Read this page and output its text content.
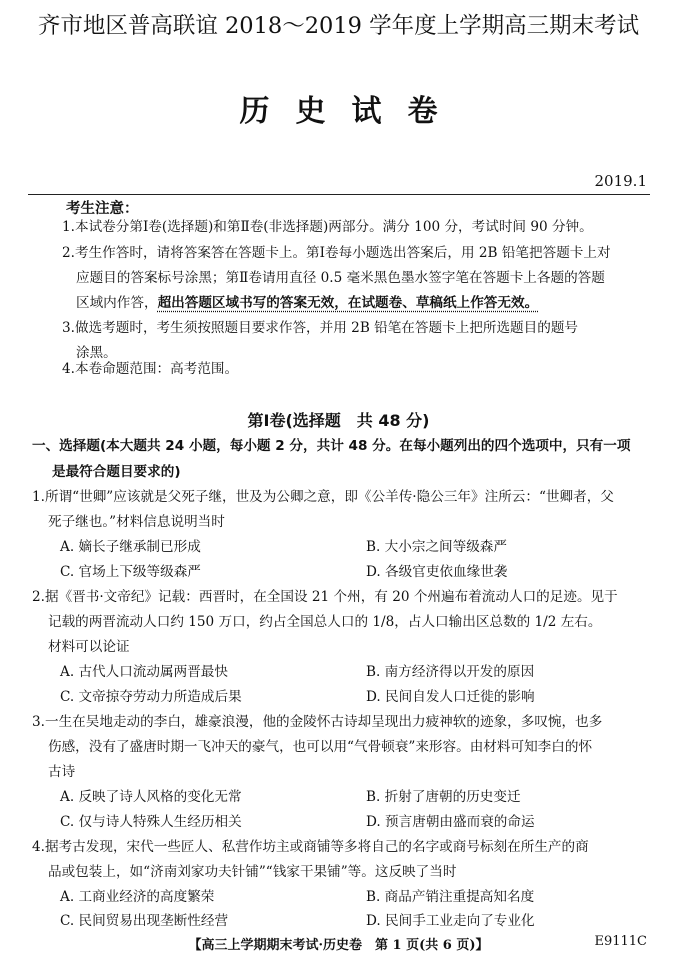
齐市地区普高联谊 2018～2019 学年度上学期高三期末考试
历史试卷
2019.1
考生注意：
1.本试卷分第Ⅰ卷(选择题)和第Ⅱ卷(非选择题)两部分。满分 100 分，考试时间 90 分钟。
2.考生作答时，请将答案答在答题卡上。第Ⅰ卷每小题选出答案后，用 2B 铅笔把答题卡上对
应题目的答案标号涂黑；第Ⅱ卷请用直径 0.5 毫米黑色墨水签字笔在答题卡上各题的答题
区域内作答，超出答题区域书写的答案无效，在试题卷、草稿纸上作答无效。
3.做选考题时，考生须按照题目要求作答，并用 2B 铅笔在答题卡上把所选题目的题号
涂黑。
4.本卷命题范围：高考范围。
第Ⅰ卷(选择题　共 48 分)
一、选择题(本大题共 24 小题，每小题 2 分，共计 48 分。在每小题列出的四个选项中，只有一项
是最符合题目要求的)
1.所谓“世卿”应该就是父死子继，世及为公卿之意，即《公羊传·隐公三年》注所云：“世卿者，父
死子继也。”材料信息说明当时
A. 嫡长子继承制已形成	B. 大小宗之间等级森严
C. 官场上下级等级森严	D. 各级官吏依血缘世袭
2.据《晋书·文帝纪》记载：西晋时，在全国设 21 个州，有 20 个州遍布着流动人口的足迹。见于
记载的两晋流动人口约 150 万口，约占全国总人口的 1/8，占人口输出区总数的 1/2 左右。
材料可以论证
A. 古代人口流动属两晋最快	B. 南方经济得以开发的原因
C. 文帝掠夺劳动力所造成后果	D. 民间自发人口迁徙的影响
3.一生在吴地走动的李白，雄豪浪漫，他的金陵怀古诗却呈现出力疲神软的迹象，多叹惋，也多
伤感，没有了盛唐时期一飞冲天的豪气，也可以用“气骨顿衰”来形容。由材料可知李白的怀
古诗
A. 反映了诗人风格的变化无常	B. 折射了唐朝的历史变迁
C. 仅与诗人特殊人生经历相关	D. 预言唐朝由盛而衰的命运
4.据考古发现，宋代一些匠人、私营作坊主或商铺等多将自己的名字或商号标刻在所生产的商
品或包装上，如“济南刘家功夫针铺”“钱家干果铺”等。这反映了当时
A. 工商业经济的高度繁荣	B. 商品产销注重提高知名度
C. 民间贸易出现垄断性经营	D. 民间手工业走向了专业化
【高三上学期期末考试·历史卷　第 1 页(共 6 页)】	E9111C
